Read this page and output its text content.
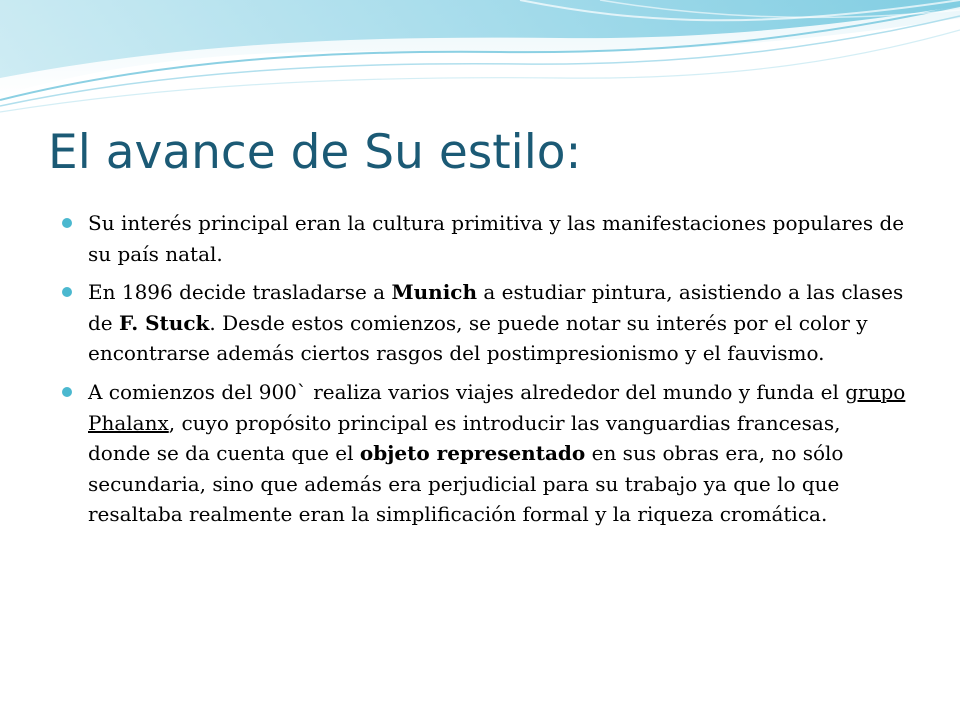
El avance de Su estilo:
Su interés principal eran la cultura primitiva y las manifestaciones populares de su país natal.
En 1896 decide trasladarse a Munich a estudiar pintura, asistiendo a las clases de F. Stuck. Desde estos comienzos, se puede notar su interés por el color y encontrarse además ciertos rasgos del postimpresionismo y el fauvismo.
A comienzos del 900` realiza varios viajes alrededor del mundo y funda el grupo Phalanx, cuyo propósito principal es introducir las vanguardias francesas, donde se da cuenta que el objeto representado en sus obras era, no sólo secundaria, sino que además era perjudicial para su trabajo ya que lo que resaltaba realmente eran la simplificación formal y la riqueza cromática.
